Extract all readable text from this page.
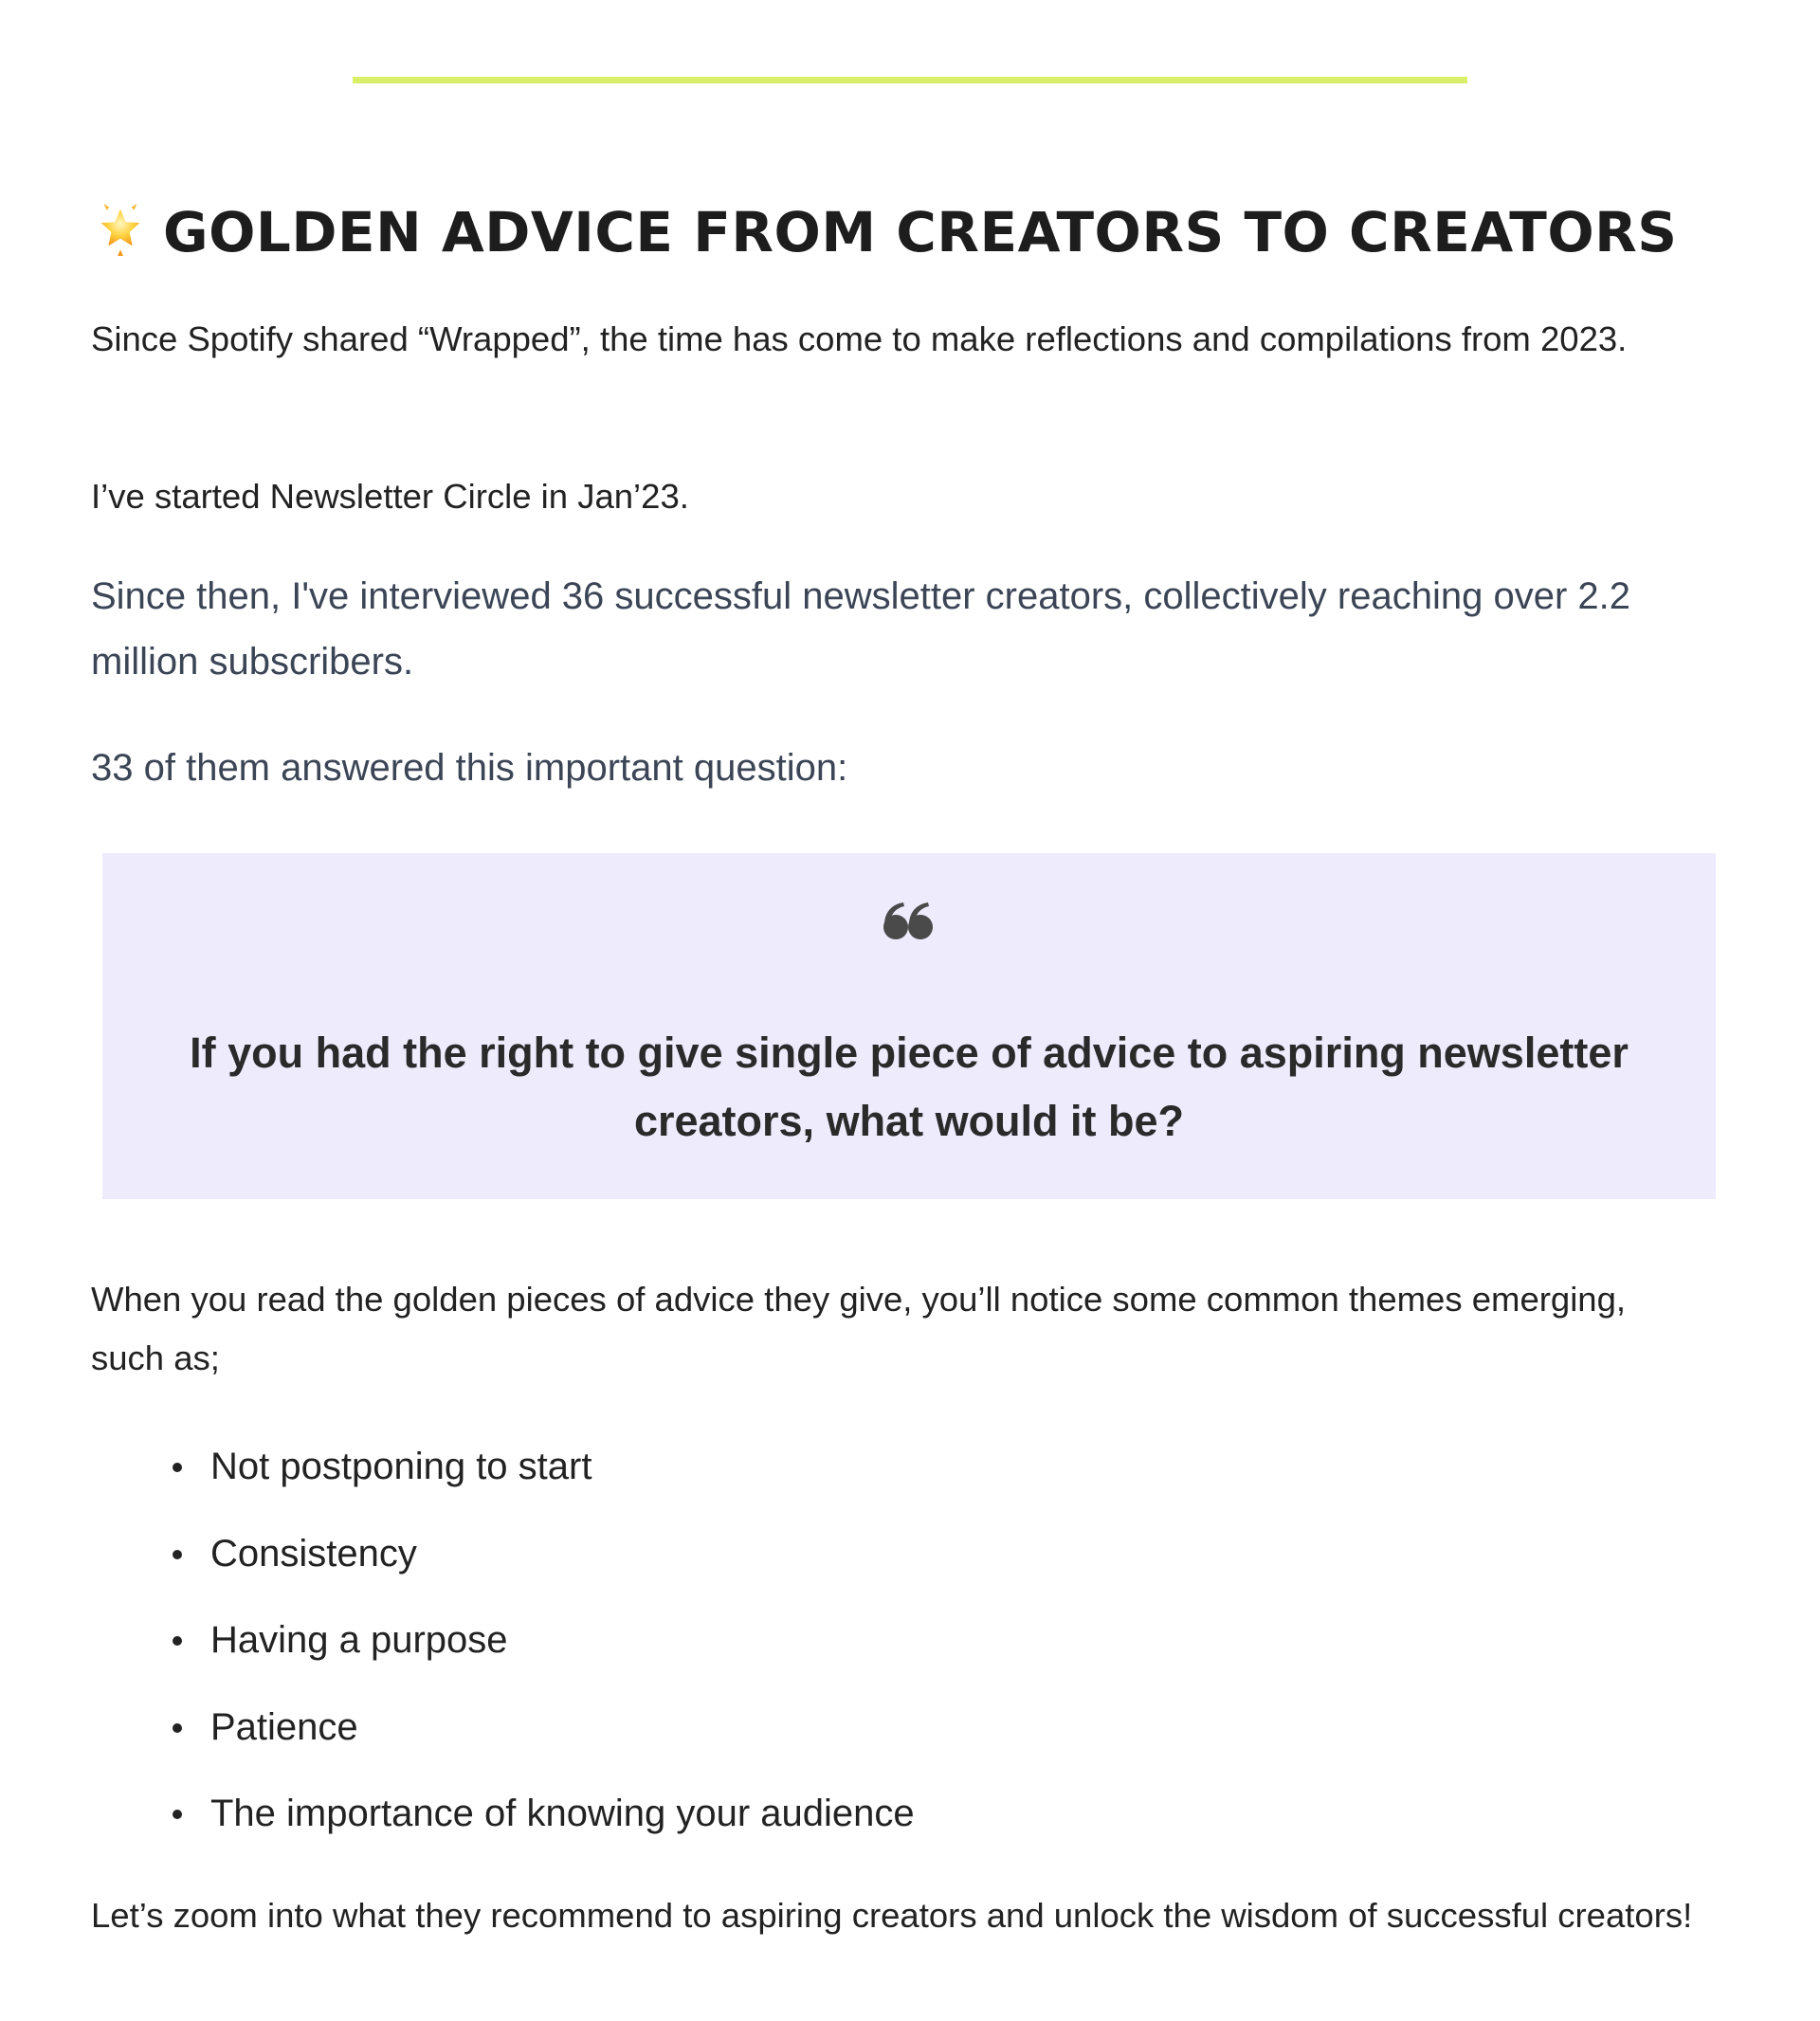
GOLDEN ADVICE FROM CREATORS TO CREATORS

Since Spotify shared “Wrapped”, the time has come to make reflections and compilations from 2023.

I’ve started Newsletter Circle in Jan’23.

Since then, I've interviewed 36 successful newsletter creators, collectively reaching over 2.2 million subscribers.

33 of them answered this important question:

If you had the right to give single piece of advice to aspiring newsletter creators, what would it be?

When you read the golden pieces of advice they give, you’ll notice some common themes emerging, such as;

Not postponing to start
Consistency
Having a purpose
Patience
The importance of knowing your audience

Let’s zoom into what they recommend to aspiring creators and unlock the wisdom of successful creators!
